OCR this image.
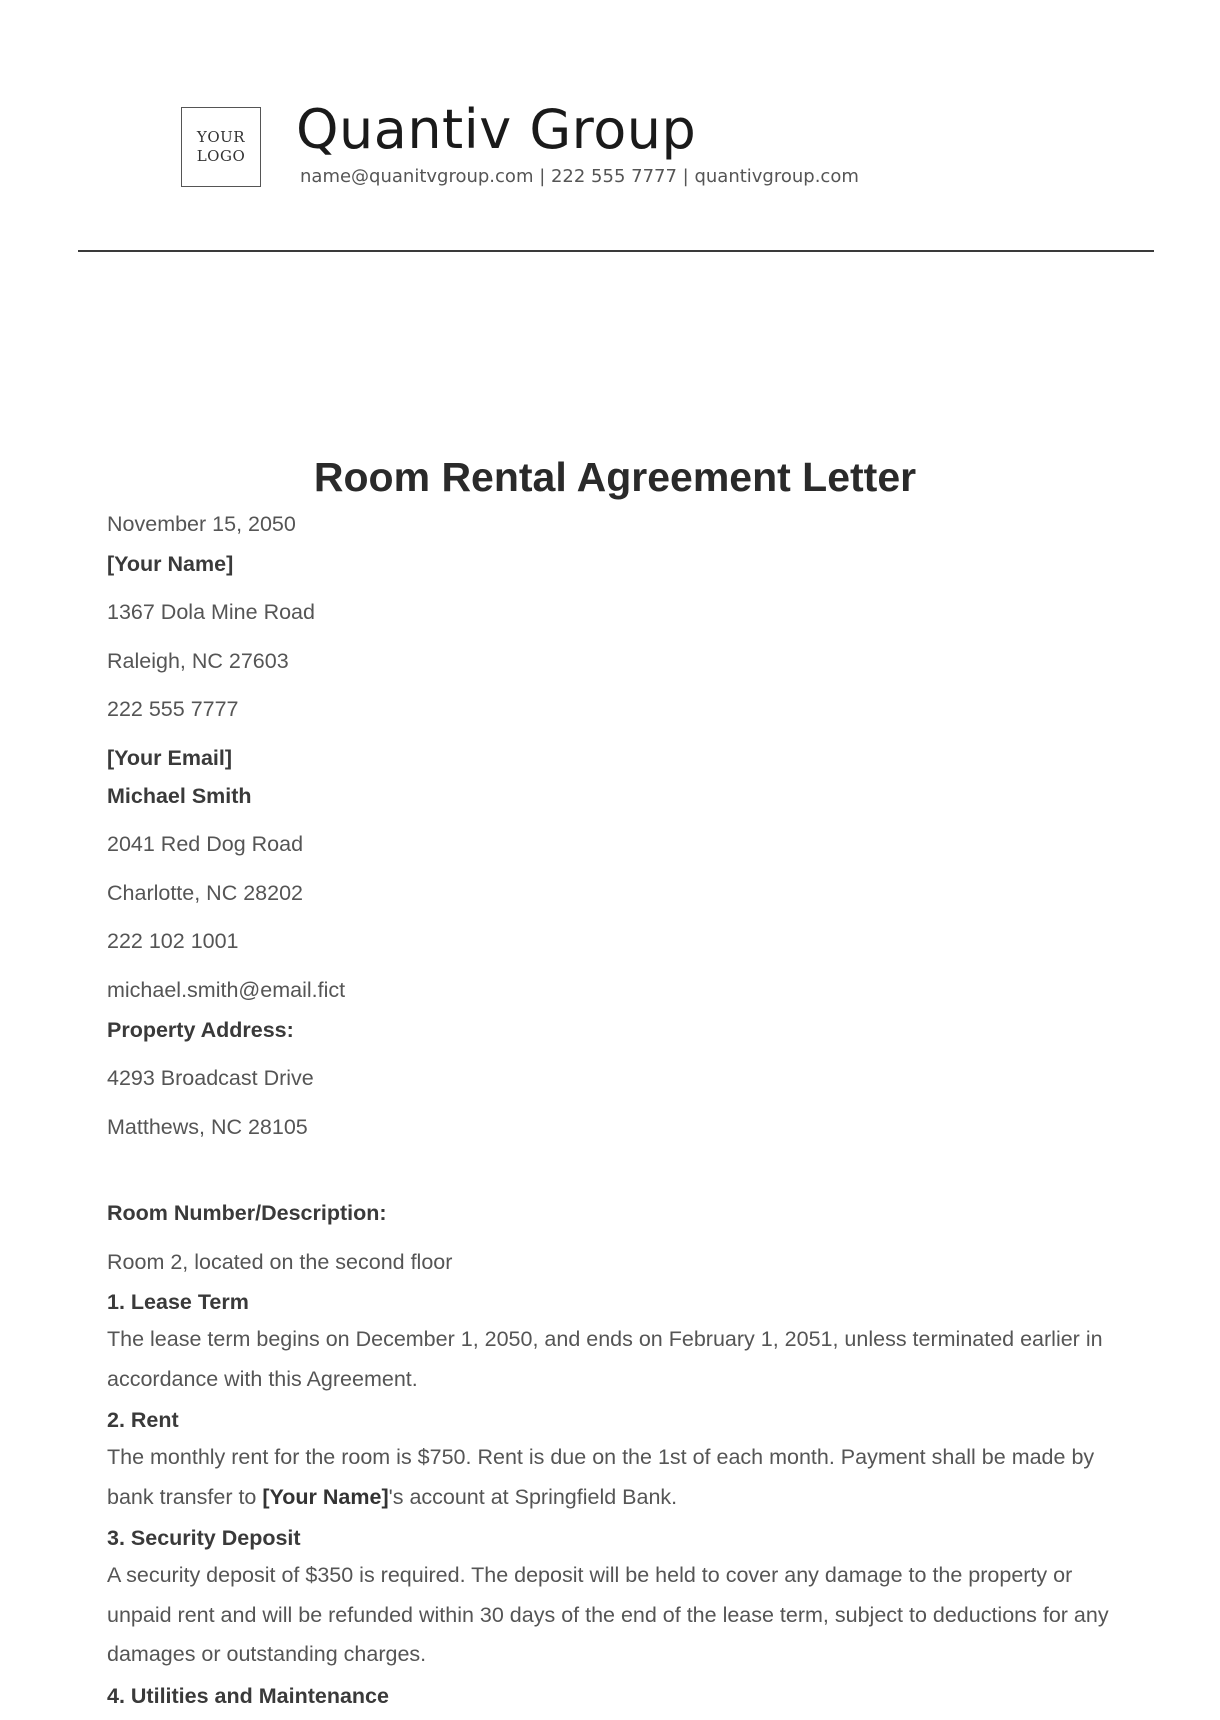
YOUR
LOGO Quantiv Group
name@quanitvgroup.com | 222 555 7777 | quantivgroup.com
Room Rental Agreement Letter
November 15, 2050
[Your Name]
1367 Dola Mine Road
Raleigh, NC 27603
222 555 7777
[Your Email]
Michael Smith
2041 Red Dog Road
Charlotte, NC 28202
222 102 1001
michael.smith@email.fict
Property Address:
4293 Broadcast Drive
Matthews, NC 28105
Room Number/Description:
Room 2, located on the second floor
1. Lease Term
The lease term begins on December 1, 2050, and ends on February 1, 2051, unless terminated earlier in accordance with this Agreement.
2. Rent
The monthly rent for the room is $750. Rent is due on the 1st of each month. Payment shall be made by bank transfer to [Your Name]'s account at Springfield Bank.
3. Security Deposit
A security deposit of $350 is required. The deposit will be held to cover any damage to the property or unpaid rent and will be refunded within 30 days of the end of the lease term, subject to deductions for any damages or outstanding charges.
4. Utilities and Maintenance
